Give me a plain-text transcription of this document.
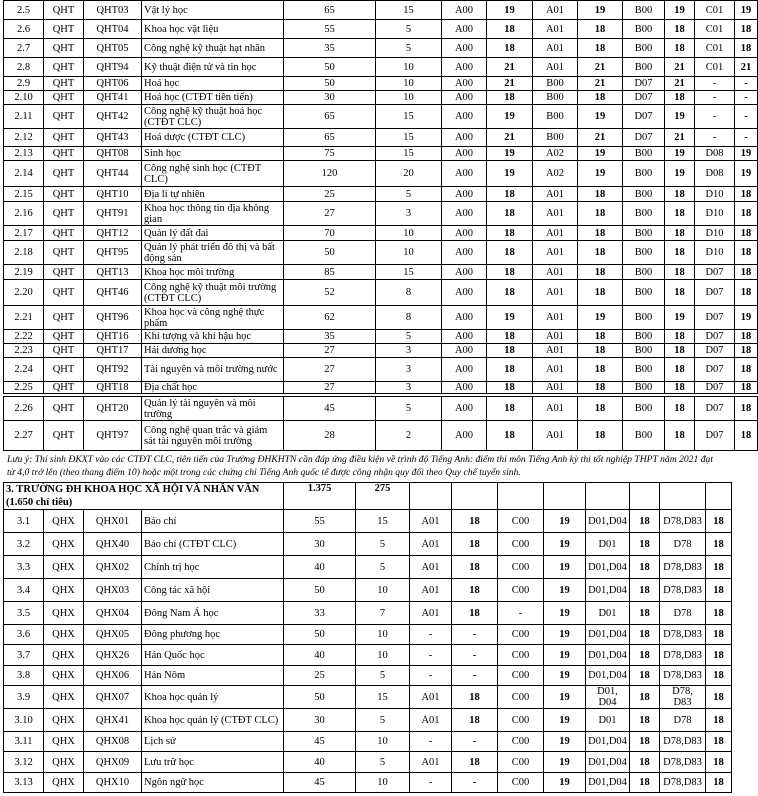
2.5	QHT	QHT03	Vật lý học	65	15	A00	19	A01	19	B00	19	C01	19
2.6	QHT	QHT04	Khoa học vật liệu	55	5	A00	18	A01	18	B00	18	C01	18
2.7	QHT	QHT05	Công nghệ kỹ thuật hạt nhân	35	5	A00	18	A01	18	B00	18	C01	18
2.8	QHT	QHT94	Kỹ thuật điện tử và tin học	50	10	A00	21	A01	21	B00	21	C01	21
2.9	QHT	QHT06	Hoá học	50	10	A00	21	B00	21	D07	21	-	-
2.10	QHT	QHT41	Hoá học (CTĐT tiên tiến)	30	10	A00	18	B00	18	D07	18	-	-
2.11	QHT	QHT42	Công nghệ kỹ thuật hoá học (CTĐT CLC)	65	15	A00	19	B00	19	D07	19	-	-
2.12	QHT	QHT43	Hoá dược (CTĐT CLC)	65	15	A00	21	B00	21	D07	21	-	-
2.13	QHT	QHT08	Sinh học	75	15	A00	19	A02	19	B00	19	D08	19
2.14	QHT	QHT44	Công nghệ sinh học (CTĐT CLC)	120	20	A00	19	A02	19	B00	19	D08	19
2.15	QHT	QHT10	Địa lí tự nhiên	25	5	A00	18	A01	18	B00	18	D10	18
2.16	QHT	QHT91	Khoa học thông tin địa không gian	27	3	A00	18	A01	18	B00	18	D10	18
2.17	QHT	QHT12	Quản lý đất đai	70	10	A00	18	A01	18	B00	18	D10	18
2.18	QHT	QHT95	Quản lý phát triển đô thị và bất động sản	50	10	A00	18	A01	18	B00	18	D10	18
2.19	QHT	QHT13	Khoa học môi trường	85	15	A00	18	A01	18	B00	18	D07	18
2.20	QHT	QHT46	Công nghệ kỹ thuật môi trường (CTĐT CLC)	52	8	A00	18	A01	18	B00	18	D07	18
2.21	QHT	QHT96	Khoa học và công nghệ thực phẩm	62	8	A00	19	A01	19	B00	19	D07	19
2.22	QHT	QHT16	Khí tượng và khí hậu học	35	5	A00	18	A01	18	B00	18	D07	18
2.23	QHT	QHT17	Hải dương học	27	3	A00	18	A01	18	B00	18	D07	18
2.24	QHT	QHT92	Tài nguyên và môi trường nước	27	3	A00	18	A01	18	B00	18	D07	18
2.25	QHT	QHT18	Địa chất học	27	3	A00	18	A01	18	B00	18	D07	18
2.26	QHT	QHT20	Quản lý tài nguyên và môi trường	45	5	A00	18	A01	18	B00	18	D07	18
2.27	QHT	QHT97	Công nghệ quan trắc và giám sát tài nguyên môi trường	28	2	A00	18	A01	18	B00	18	D07	18
Lưu ý: Thí sinh ĐKXT vào các CTĐT CLC, tiên tiến của Trường ĐHKHTN cần đáp ứng điều kiện về trình độ Tiếng Anh: điểm thi môn Tiếng Anh kỳ thi tốt nghiệp THPT năm 2021 đạt từ 4,0 trở lên (theo thang điểm 10) hoặc một trong các chứng chỉ Tiếng Anh quốc tế được công nhận quy đổi theo Quy chế tuyển sinh.
3. TRƯỜNG ĐH KHOA HỌC XÃ HỘI VÀ NHÂN VĂN
(1.650 chỉ tiêu)				1.375	275								
3.1	QHX	QHX01	Báo chí	55	15	A01	18	C00	19	D01,D04	18	D78,D83	18
3.2	QHX	QHX40	Báo chí (CTĐT CLC)	30	5	A01	18	C00	19	D01	18	D78	18
3.3	QHX	QHX02	Chính trị học	40	5	A01	18	C00	19	D01,D04	18	D78,D83	18
3.4	QHX	QHX03	Công tác xã hội	50	10	A01	18	C00	19	D01,D04	18	D78,D83	18
3.5	QHX	QHX04	Đông Nam Á học	33	7	A01	18	-	19	D01	18	D78	18
3.6	QHX	QHX05	Đông phương học	50	10	-	-	C00	19	D01,D04	18	D78,D83	18
3.7	QHX	QHX26	Hán Quốc học	40	10	-	-	C00	19	D01,D04	18	D78,D83	18
3.8	QHX	QHX06	Hán Nôm	25	5	-	-	C00	19	D01,D04	18	D78,D83	18
3.9	QHX	QHX07	Khoa học quản lý	50	15	A01	18	C00	19	D01, D04	18	D78, D83	18
3.10	QHX	QHX41	Khoa học quản lý (CTĐT CLC)	30	5	A01	18	C00	19	D01	18	D78	18
3.11	QHX	QHX08	Lịch sử	45	10	-	-	C00	19	D01,D04	18	D78,D83	18
3.12	QHX	QHX09	Lưu trữ học	40	5	A01	18	C00	19	D01,D04	18	D78,D83	18
3.13	QHX	QHX10	Ngôn ngữ học	45	10	-	-	C00	19	D01,D04	18	D78,D83	18
